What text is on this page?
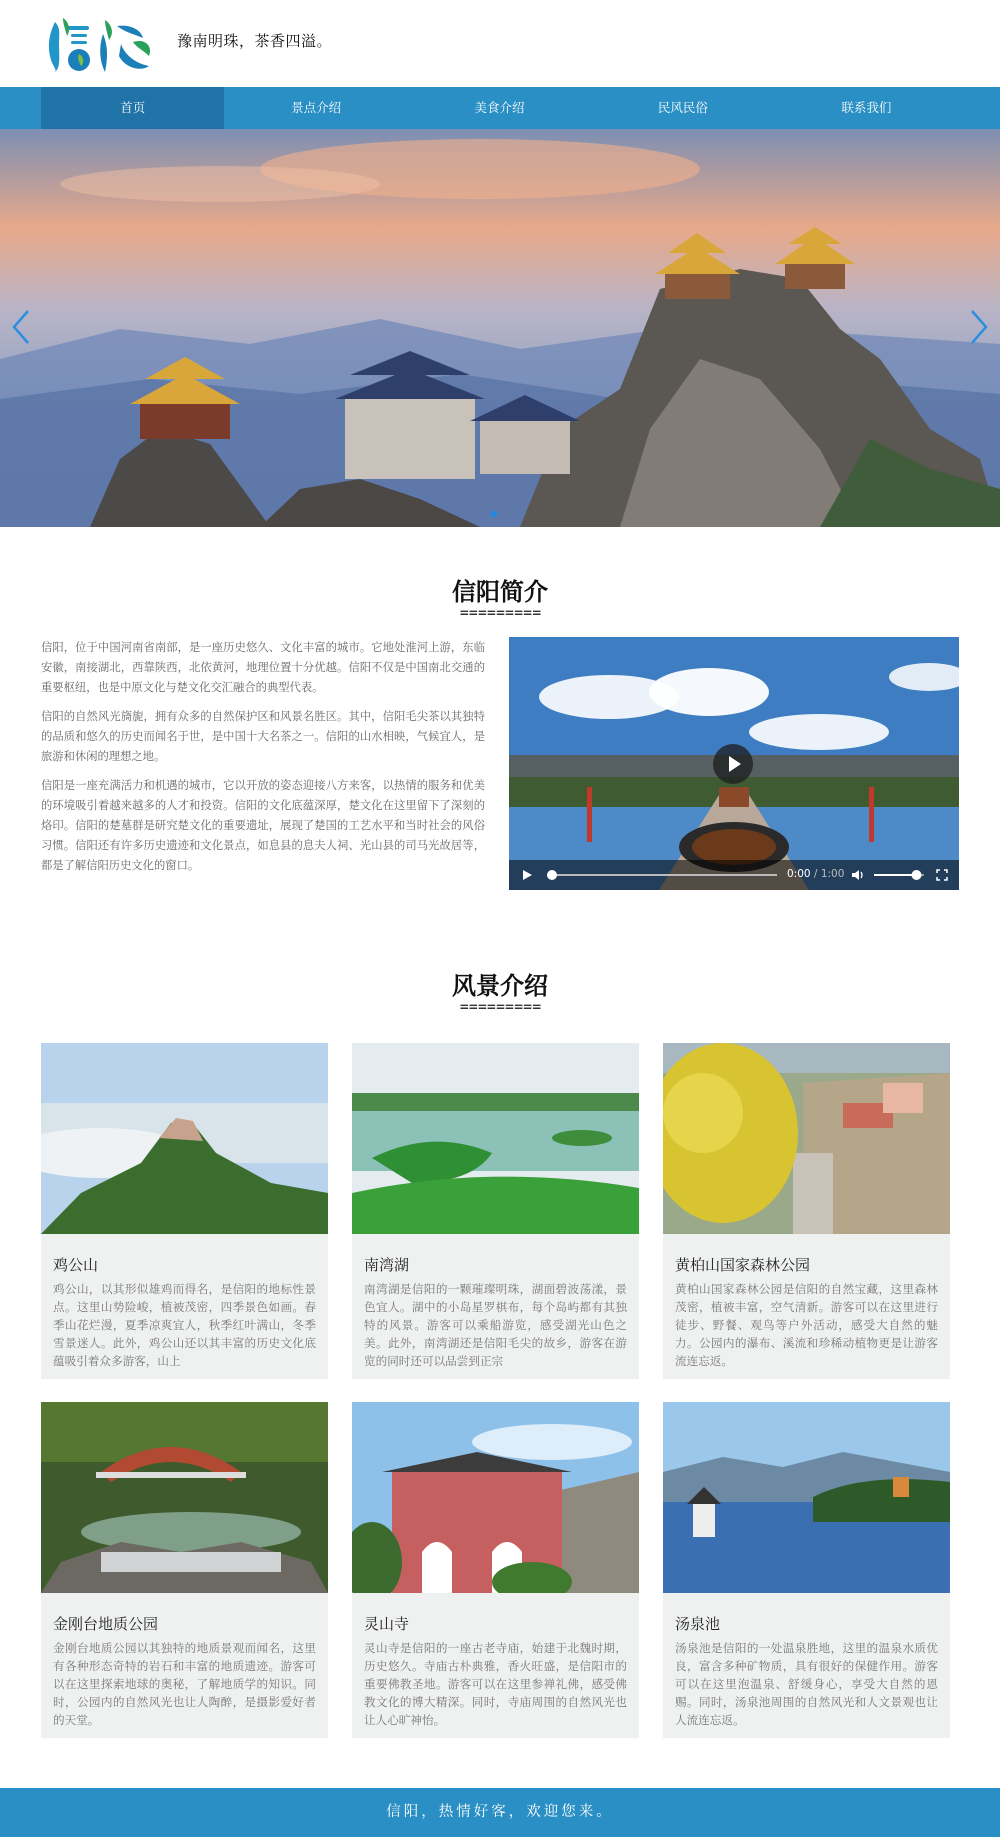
豫南明珠，茶香四溢。
首页	景点介绍	美食介绍	民风民俗	联系我们
信阳简介
=========

信阳，位于中国河南省南部，是一座历史悠久、文化丰富的城市。它地处淮河上游，东临安徽，南接湖北，西靠陕西，北依黄河，地理位置十分优越。信阳不仅是中国南北交通的重要枢纽，也是中原文化与楚文化交汇融合的典型代表。

信阳的自然风光旖旎，拥有众多的自然保护区和风景名胜区。其中，信阳毛尖茶以其独特的品质和悠久的历史而闻名于世，是中国十大名茶之一。信阳的山水相映，气候宜人，是旅游和休闲的理想之地。

信阳是一座充满活力和机遇的城市，它以开放的姿态迎接八方来客，以热情的服务和优美的环境吸引着越来越多的人才和投资。信阳的文化底蕴深厚，楚文化在这里留下了深刻的烙印。信阳的楚墓群是研究楚文化的重要遗址，展现了楚国的工艺水平和当时社会的风俗习惯。信阳还有许多历史遗迹和文化景点，如息县的息夫人祠、光山县的司马光故居等，都是了解信阳历史文化的窗口。

0:00 / 1:00
风景介绍
=========
鸡公山
鸡公山，以其形似雄鸡而得名，是信阳的地标性景点。这里山势险峻，植被茂密，四季景色如画。春季山花烂漫，夏季凉爽宜人，秋季红叶满山，冬季雪景迷人。此外，鸡公山还以其丰富的历史文化底蕴吸引着众多游客，山上
南湾湖
南湾湖是信阳的一颗璀璨明珠，湖面碧波荡漾，景色宜人。湖中的小岛星罗棋布，每个岛屿都有其独特的风景。游客可以乘船游览，感受湖光山色之美。此外，南湾湖还是信阳毛尖的故乡，游客在游览的同时还可以品尝到正宗
黄柏山国家森林公园
黄柏山国家森林公园是信阳的自然宝藏，这里森林茂密，植被丰富，空气清新。游客可以在这里进行徒步、野餐、观鸟等户外活动，感受大自然的魅力。公园内的瀑布、溪流和珍稀动植物更是让游客流连忘返。
金刚台地质公园
金刚台地质公园以其独特的地质景观而闻名，这里有各种形态奇特的岩石和丰富的地质遗迹。游客可以在这里探索地球的奥秘，了解地质学的知识。同时，公园内的自然风光也让人陶醉，是摄影爱好者的天堂。
灵山寺
灵山寺是信阳的一座古老寺庙，始建于北魏时期，历史悠久。寺庙古朴典雅，香火旺盛，是信阳市的重要佛教圣地。游客可以在这里参禅礼佛，感受佛教文化的博大精深。同时，寺庙周围的自然风光也让人心旷神怡。
汤泉池
汤泉池是信阳的一处温泉胜地，这里的温泉水质优良，富含多种矿物质，具有很好的保健作用。游客可以在这里泡温泉、舒缓身心，享受大自然的恩赐。同时，汤泉池周围的自然风光和人文景观也让人流连忘返。
信阳，热情好客，欢迎您来。
